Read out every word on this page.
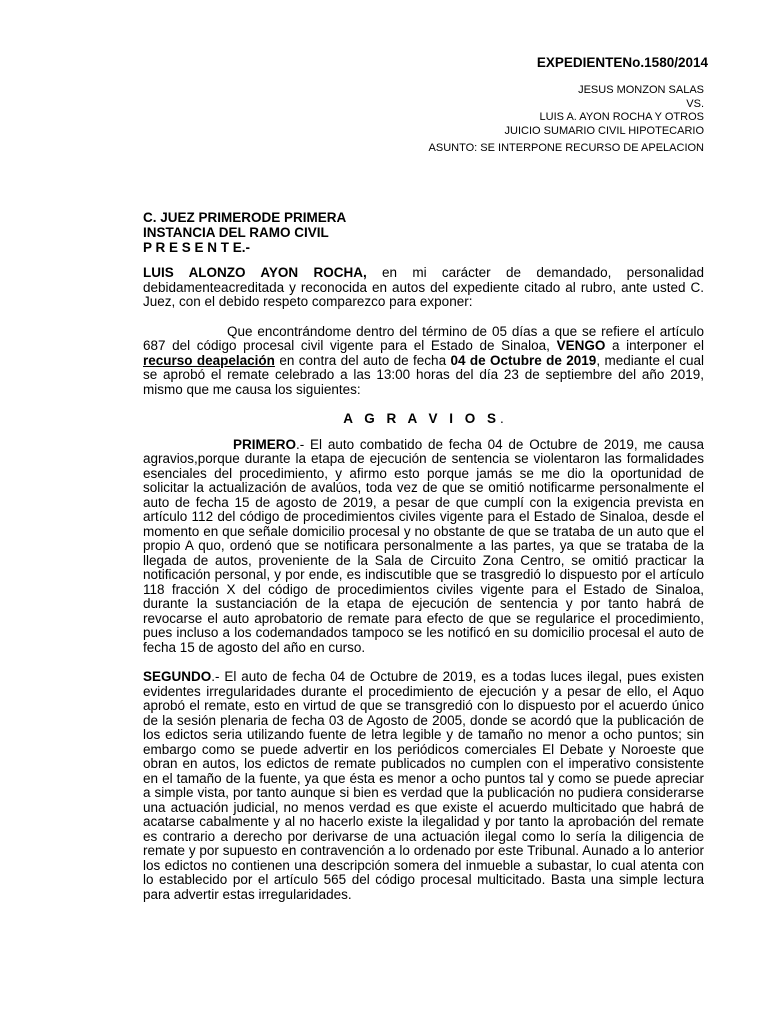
EXPEDIENTENo.1580/2014
JESUS MONZON SALAS
VS.
LUIS A. AYON ROCHA Y OTROS
JUICIO SUMARIO CIVIL HIPOTECARIO
ASUNTO: SE INTERPONE RECURSO DE APELACION
C. JUEZ PRIMERODE PRIMERA
INSTANCIA DEL RAMO CIVIL
P R E S E N T E.-

LUIS ALONZO AYON ROCHA, en mi carácter de demandado, personalidad debidamenteacreditada y reconocida en autos del expediente citado al rubro, ante usted C. Juez, con el debido respeto comparezco para exponer:

Que encontrándome dentro del término de 05 días a que se refiere el artículo 687 del código procesal civil vigente para el Estado de Sinaloa, VENGO a interponer el recurso deapelación en contra del auto de fecha 04 de Octubre de 2019, mediante el cual se aprobó el remate celebrado a las 13:00 horas del día 23 de septiembre del año 2019, mismo que me causa los siguientes:

A G R A V I O S.

PRIMERO.- El auto combatido de fecha 04 de Octubre de 2019, me causa agravios,porque durante la etapa de ejecución de sentencia se violentaron las formalidades esenciales del procedimiento, y afirmo esto porque jamás se me dio la oportunidad de solicitar la actualización de avalúos, toda vez de que se omitió notificarme personalmente el auto de fecha 15 de agosto de 2019, a pesar de que cumplí con la exigencia prevista en artículo 112 del código de procedimientos civiles vigente para el Estado de Sinaloa, desde el momento en que señale domicilio procesal y no obstante de que se trataba de un auto que el propio A quo, ordenó que se notificara personalmente a las partes, ya que se trataba de la llegada de autos, proveniente de la Sala de Circuito Zona Centro, se omitió practicar la notificación personal, y por ende, es indiscutible que se trasgredió lo dispuesto por el artículo 118 fracción X del código de procedimientos civiles vigente para el Estado de Sinaloa, durante la sustanciación de la etapa de ejecución de sentencia y por tanto habrá de revocarse el auto aprobatorio de remate para efecto de que se regularice el procedimiento, pues incluso a los codemandados tampoco se les notificó en su domicilio procesal el auto de fecha 15 de agosto del año en curso.

SEGUNDO.- El auto de fecha 04 de Octubre de 2019, es a todas luces ilegal, pues existen evidentes irregularidades durante el procedimiento de ejecución y a pesar de ello, el Aquo aprobó el remate, esto en virtud de que se transgredió con lo dispuesto por el acuerdo único de la sesión plenaria de fecha 03 de Agosto de 2005, donde se acordó que la publicación de los edictos seria utilizando fuente de letra legible y de tamaño no menor a ocho puntos; sin embargo como se puede advertir en los periódicos comerciales El Debate y Noroeste que obran en autos, los edictos de remate publicados no cumplen con el imperativo consistente en el tamaño de la fuente, ya que ésta es menor a ocho puntos tal y como se puede apreciar a simple vista, por tanto aunque si bien es verdad que la publicación no pudiera considerarse una actuación judicial, no menos verdad es que existe el acuerdo multicitado que habrá de acatarse cabalmente y al no hacerlo existe la ilegalidad y por tanto la aprobación del remate es contrario a derecho por derivarse de una actuación ilegal como lo sería la diligencia de remate y por supuesto en contravención a lo ordenado por este Tribunal. Aunado a lo anterior los edictos no contienen una descripción somera del inmueble a subastar, lo cual atenta con lo establecido por el artículo 565 del código procesal multicitado. Basta una simple lectura para advertir estas irregularidades.
